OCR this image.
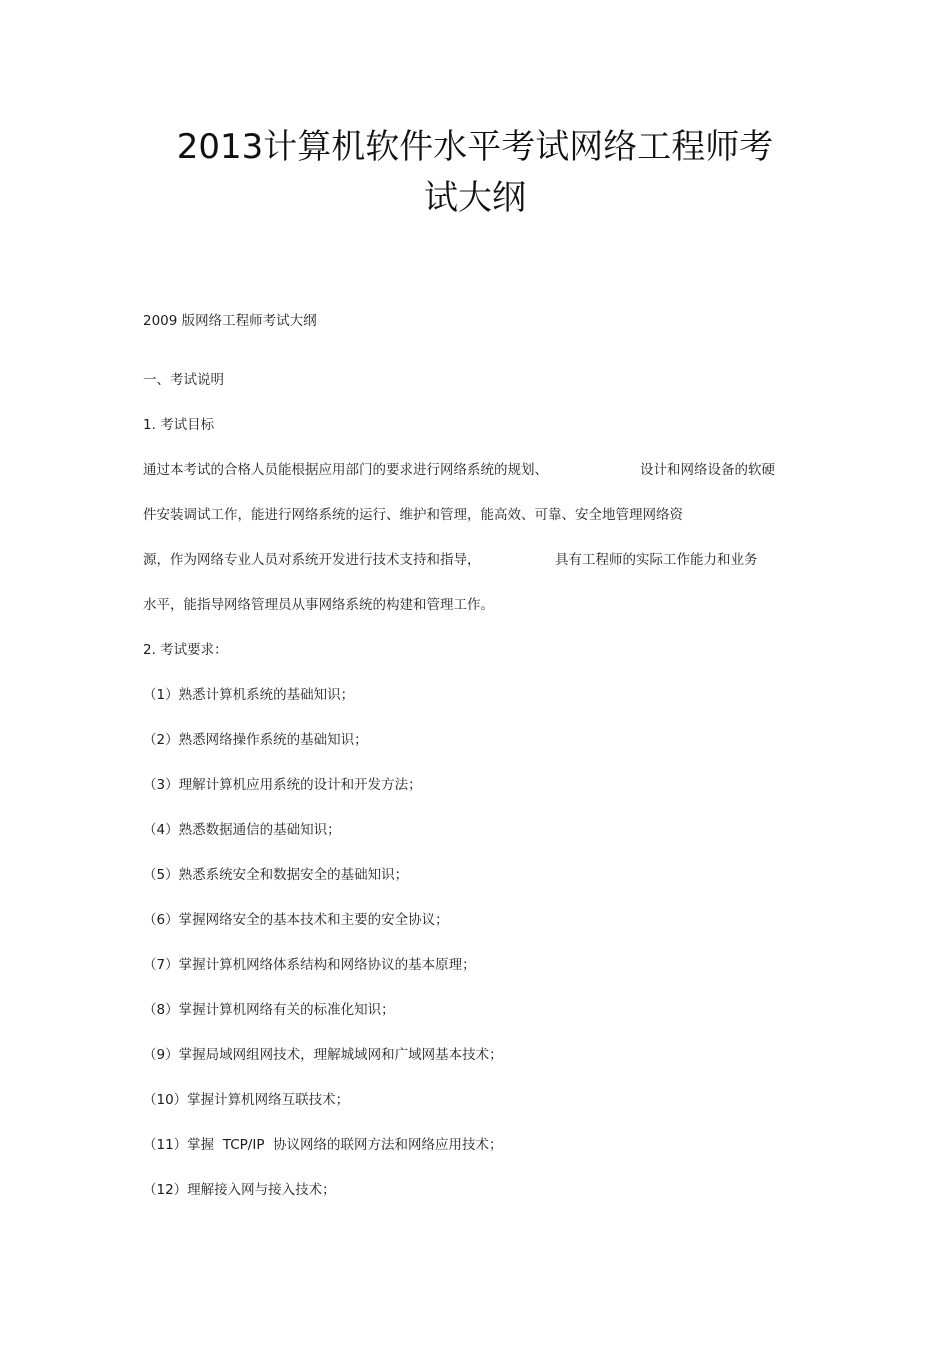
2013计算机软件水平考试网络工程师考
试大纲
2009 版网络工程师考试大纲
一、考试说明
1. 考试目标
通过本考试的合格人员能根据应用部门的要求进行网络系统的规划、	设计和网络设备的软硬
件安装调试工作，能进行网络系统的运行、维护和管理，能高效、可靠、安全地管理网络资
源，作为网络专业人员对系统开发进行技术支持和指导，	具有工程师的实际工作能力和业务
水平，能指导网络管理员从事网络系统的构建和管理工作。
2. 考试要求：
（1）熟悉计算机系统的基础知识；
（2）熟悉网络操作系统的基础知识；
（3）理解计算机应用系统的设计和开发方法；
（4）熟悉数据通信的基础知识；
（5）熟悉系统安全和数据安全的基础知识；
（6）掌握网络安全的基本技术和主要的安全协议；
（7）掌握计算机网络体系结构和网络协议的基本原理；
（8）掌握计算机网络有关的标准化知识；
（9）掌握局域网组网技术，理解城域网和广域网基本技术；
（10）掌握计算机网络互联技术；
（11）掌握  TCP/IP  协议网络的联网方法和网络应用技术；
（12）理解接入网与接入技术；
